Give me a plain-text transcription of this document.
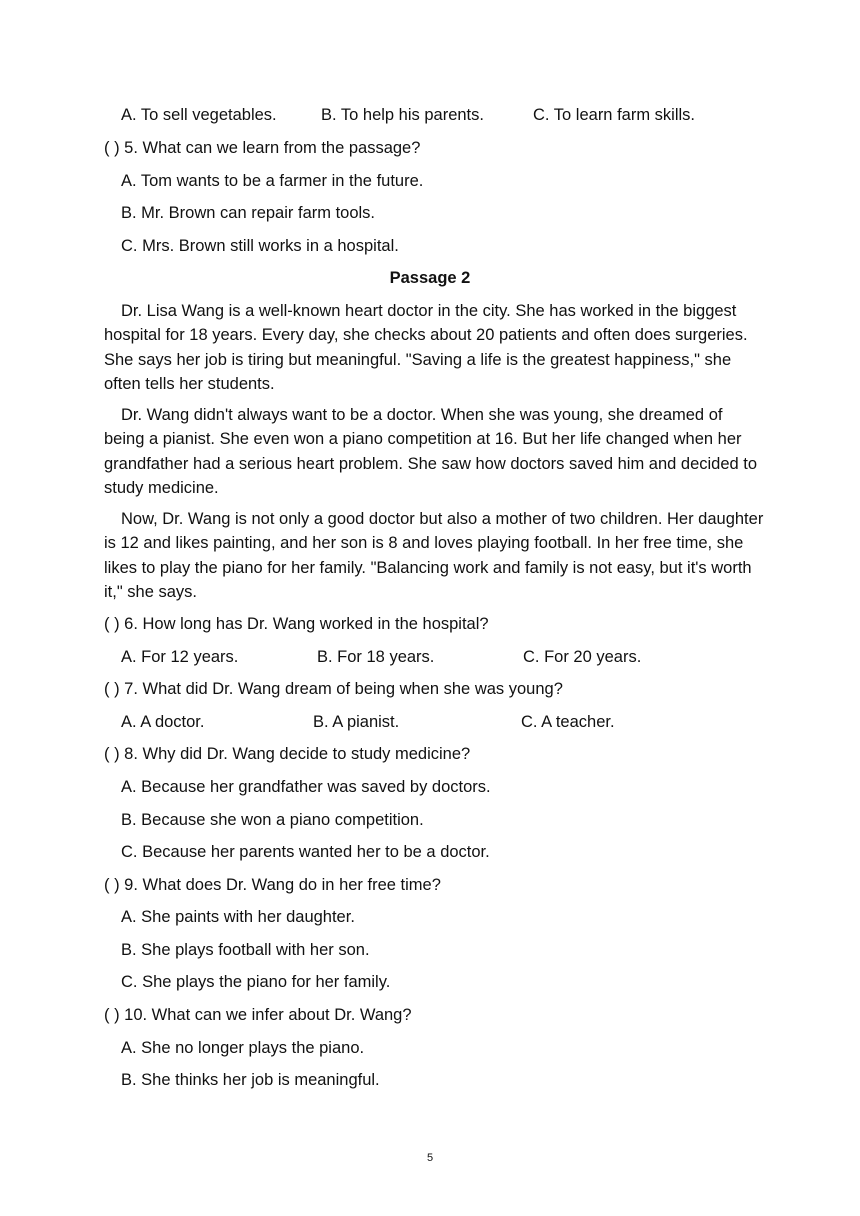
A. To sell vegetables.	B. To help his parents.	C. To learn farm skills.
( ) 5. What can we learn from the passage?
A. Tom wants to be a farmer in the future.
B. Mr. Brown can repair farm tools.
C. Mrs. Brown still works in a hospital.
Passage 2
Dr. Lisa Wang is a well-known heart doctor in the city. She has worked in the biggest hospital for 18 years. Every day, she checks about 20 patients and often does surgeries. She says her job is tiring but meaningful. "Saving a life is the greatest happiness," she often tells her students.
Dr. Wang didn't always want to be a doctor. When she was young, she dreamed of being a pianist. She even won a piano competition at 16. But her life changed when her grandfather had a serious heart problem. She saw how doctors saved him and decided to study medicine.
Now, Dr. Wang is not only a good doctor but also a mother of two children. Her daughter is 12 and likes painting, and her son is 8 and loves playing football. In her free time, she likes to play the piano for her family. "Balancing work and family is not easy, but it's worth it," she says.
( ) 6. How long has Dr. Wang worked in the hospital?
A. For 12 years.	B. For 18 years.	C. For 20 years.
( ) 7. What did Dr. Wang dream of being when she was young?
A. A doctor.	B. A pianist.	C. A teacher.
( ) 8. Why did Dr. Wang decide to study medicine?
A. Because her grandfather was saved by doctors.
B. Because she won a piano competition.
C. Because her parents wanted her to be a doctor.
( ) 9. What does Dr. Wang do in her free time?
A. She paints with her daughter.
B. She plays football with her son.
C. She plays the piano for her family.
( ) 10. What can we infer about Dr. Wang?
A. She no longer plays the piano.
B. She thinks her job is meaningful.
5
